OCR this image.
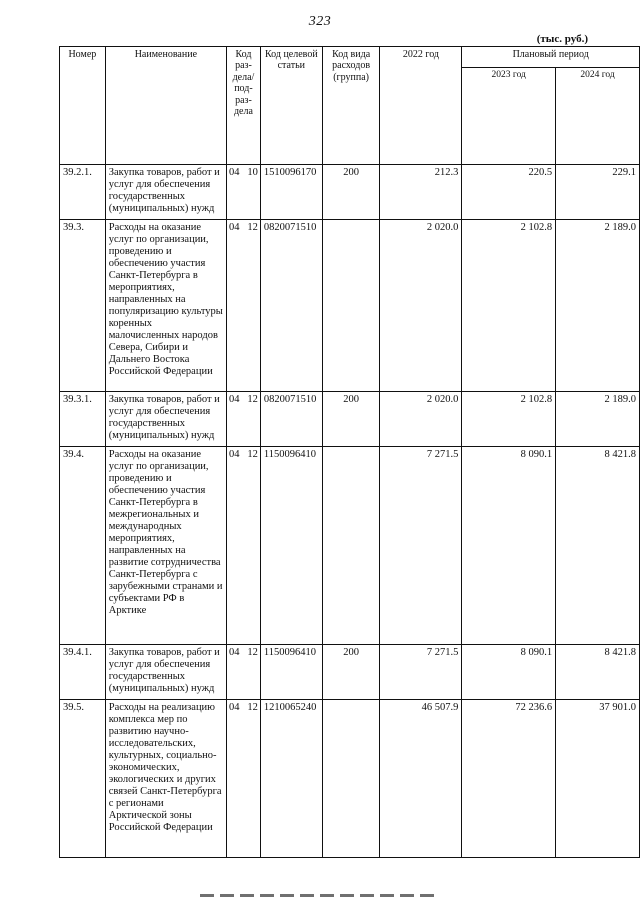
323
(тыс. руб.)
Номер	Наименование	Код раз-дела/ под-раз-дела	Код целевой статьи	Код вида расходов (группа)	2022 год	Плановый период	
						2023 год	2024 год
39.2.1.	Закупка товаров, работ и услуг для обеспечения государственных (муниципальных) нужд	04 10	1510096170	200	212.3	220.5	229.1
39.3.	Расходы на оказание услуг по организации, проведению и обеспечению участия Санкт-Петербурга в мероприятиях, направленных на популяризацию культуры коренных малочисленных народов Севера, Сибири и Дальнего Востока Российской Федерации	04 12	0820071510		2 020.0	2 102.8	2 189.0
39.3.1.	Закупка товаров, работ и услуг для обеспечения государственных (муниципальных) нужд	04 12	0820071510	200	2 020.0	2 102.8	2 189.0
39.4.	Расходы на оказание услуг по организации, проведению и обеспечению участия Санкт-Петербурга в межрегиональных и международных мероприятиях, направленных на развитие сотрудничества Санкт-Петербурга с зарубежными странами и субъектами РФ в Арктике	04 12	1150096410		7 271.5	8 090.1	8 421.8
39.4.1.	Закупка товаров, работ и услуг для обеспечения государственных (муниципальных) нужд	04 12	1150096410	200	7 271.5	8 090.1	8 421.8
39.5.	Расходы на реализацию комплекса мер по развитию научно-исследовательских, культурных, социально-экономических, экологических и других связей Санкт-Петербурга с регионами Арктической зоны Российской Федерации	04 12	1210065240		46 507.9	72 236.6	37 901.0
